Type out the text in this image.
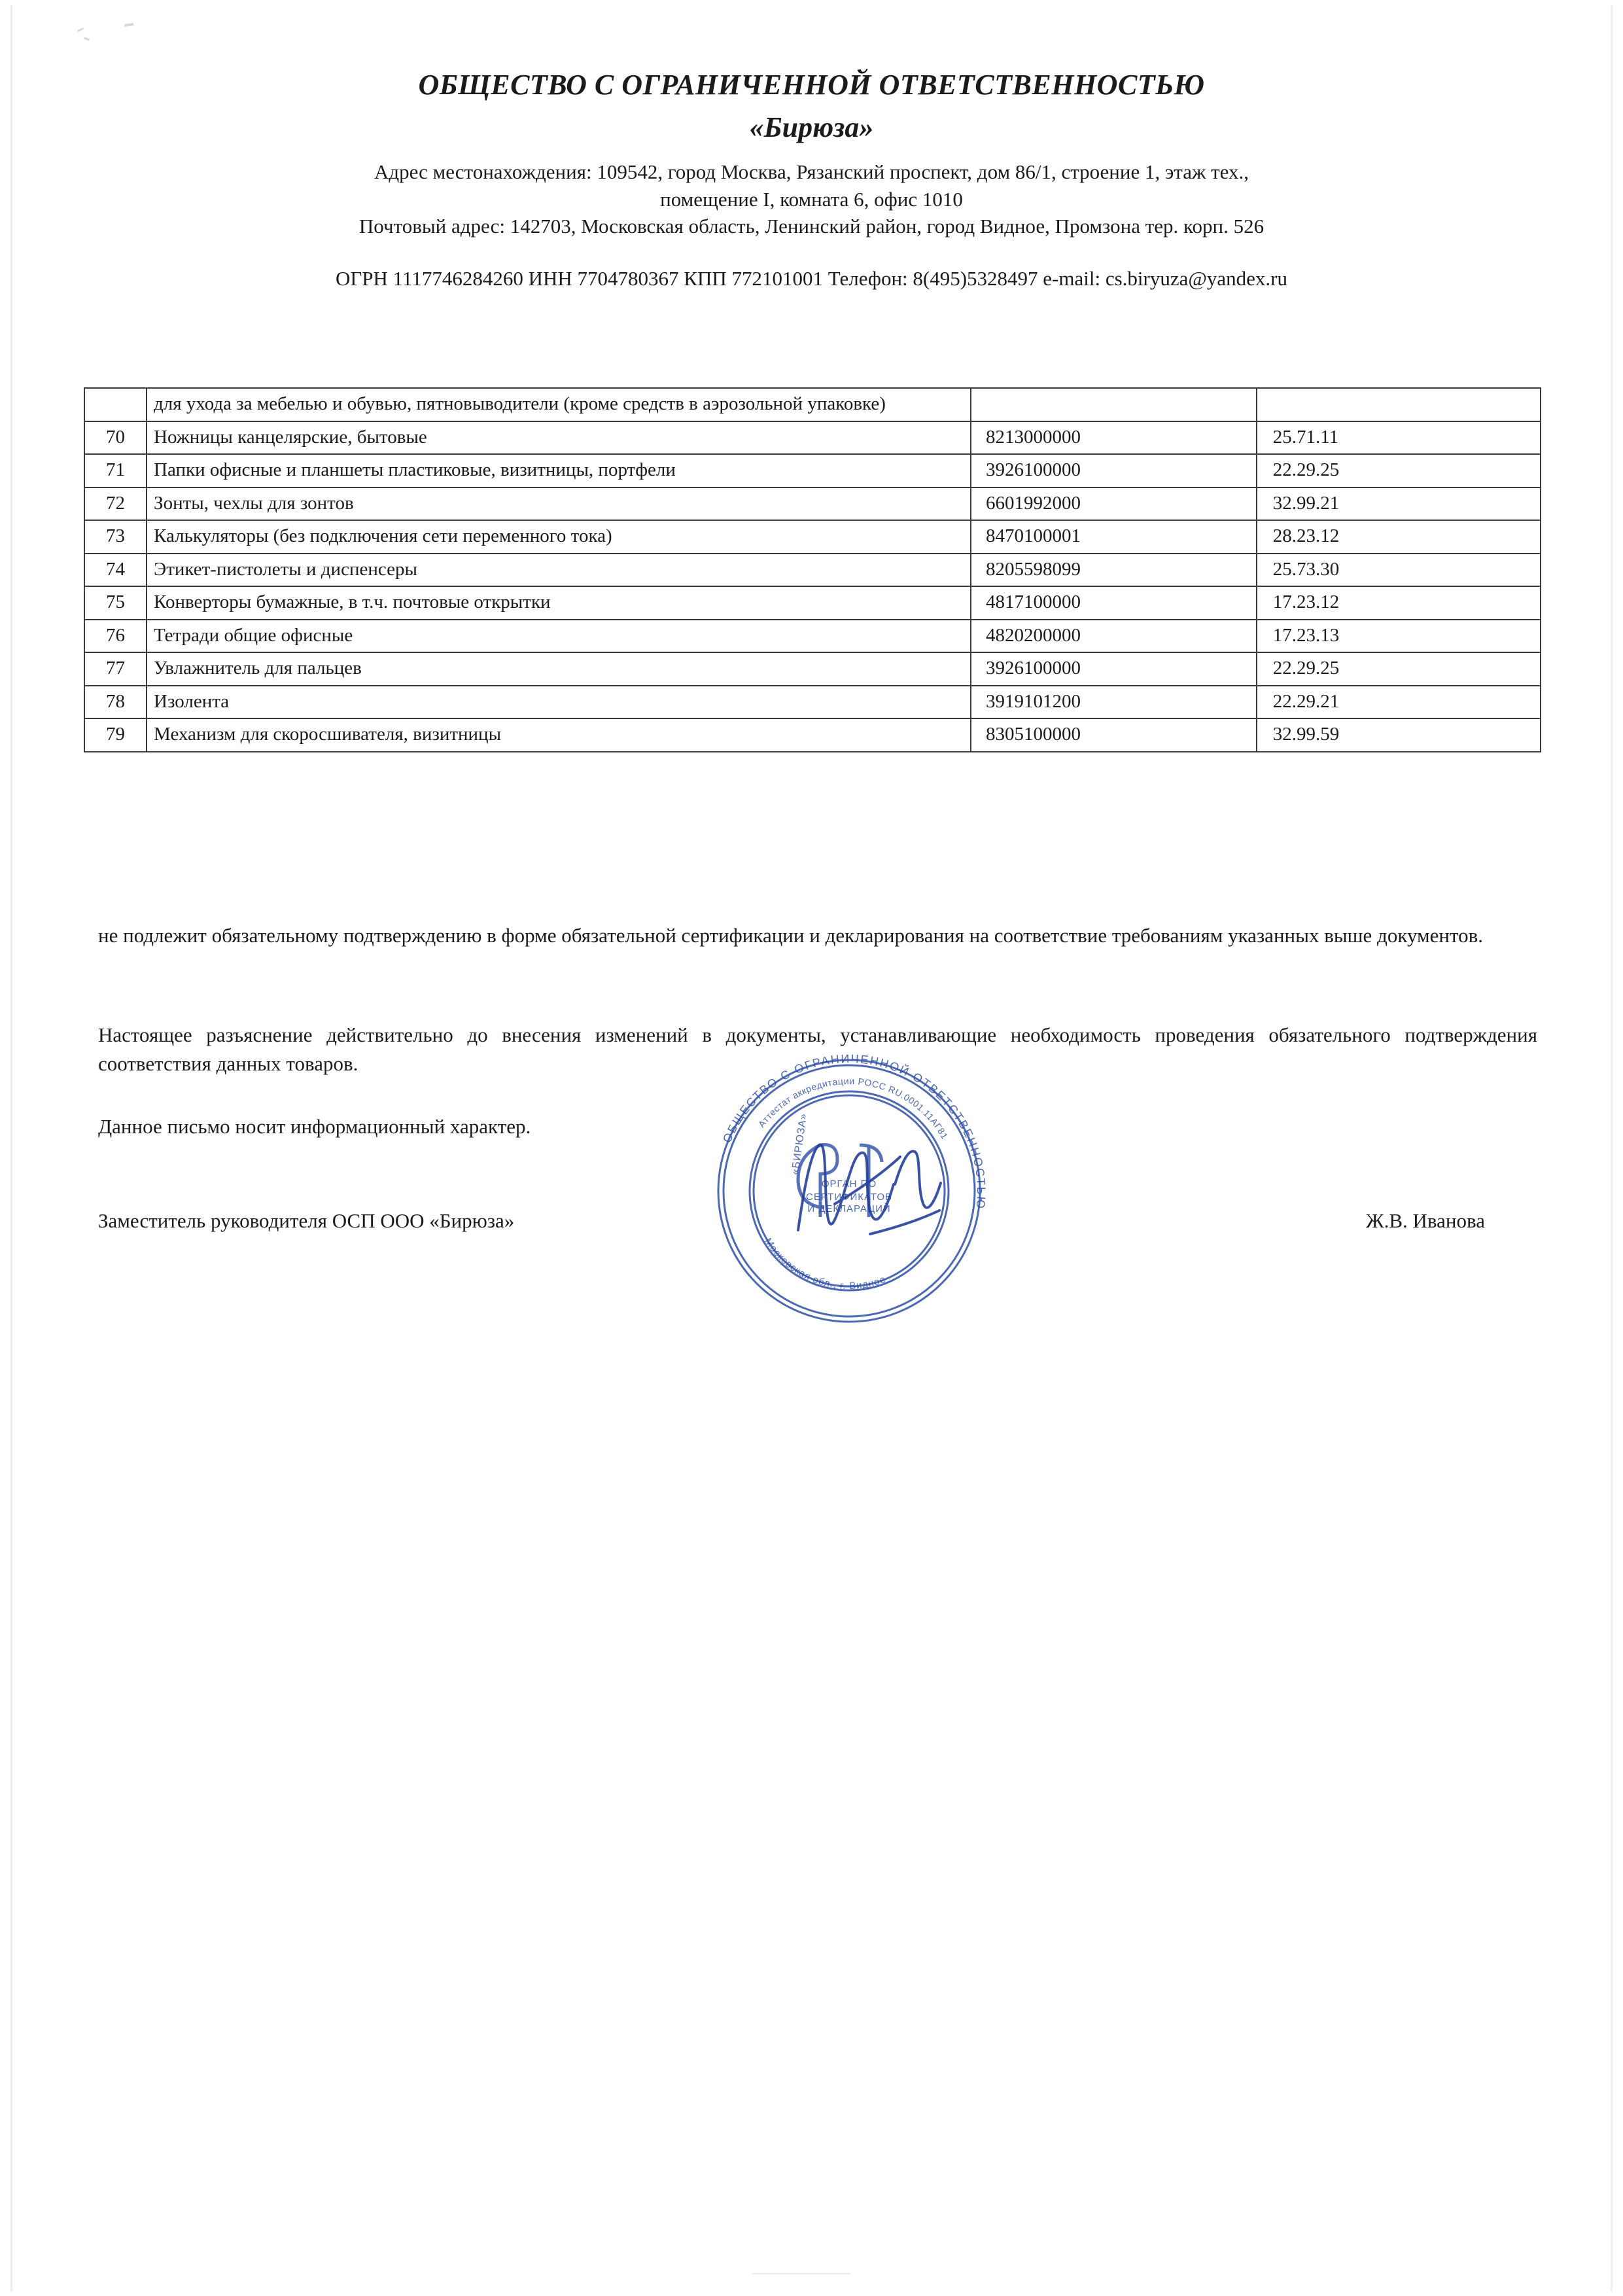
ОБЩЕСТВО С ОГРАНИЧЕННОЙ ОТВЕТСТВЕННОСТЬЮ
«Бирюза»
Адрес местонахождения: 109542, город Москва, Рязанский проспект, дом 86/1, строение 1, этаж тех.,
помещение I, комната 6, офис 1010
Почтовый адрес: 142703, Московская область, Ленинский район, город Видное, Промзона тер. корп. 526
ОГРН 1117746284260 ИНН 7704780367 КПП 772101001 Телефон: 8(495)5328497 e-mail: cs.biryuza@yandex.ru
	для ухода за мебелью и обувью, пятновыводители (кроме средств в аэрозольной упаковке)		
70	Ножницы канцелярские, бытовые	8213000000	25.71.11
71	Папки офисные и планшеты пластиковые, визитницы, портфели	3926100000	22.29.25
72	Зонты, чехлы для зонтов	6601992000	32.99.21
73	Калькуляторы (без подключения сети переменного тока)	8470100001	28.23.12
74	Этикет-пистолеты и диспенсеры	8205598099	25.73.30
75	Конверторы бумажные, в т.ч. почтовые открытки	4817100000	17.23.12
76	Тетради общие офисные	4820200000	17.23.13
77	Увлажнитель для пальцев	3926100000	22.29.25
78	Изолента	3919101200	22.29.21
79	Механизм для скоросшивателя, визитницы	8305100000	32.99.59
не подлежит обязательному подтверждению в форме обязательной сертификации и декларирования на соответствие требованиям указанных выше документов.
Настоящее разъяснение действительно до внесения изменений в документы, устанавливающие необходимость проведения обязательного подтверждения соответствия данных товаров.
Данное письмо носит информационный характер.
Заместитель руководителя ОСП ООО «Бирюза»	Ж.В. Иванова
ОБЩЕСТВО С ОГРАНИЧЕННОЙ ОТВЕТСТВЕННОСТЬЮ
Аттестат аккредитации РОСС RU.0001.11АГ81
Московская обл., г. Видное
ОРГАН ПО
СЕРТИФИКАТОВ
И ДЕКЛАРАЦИЙ
«БИРЮЗА»
